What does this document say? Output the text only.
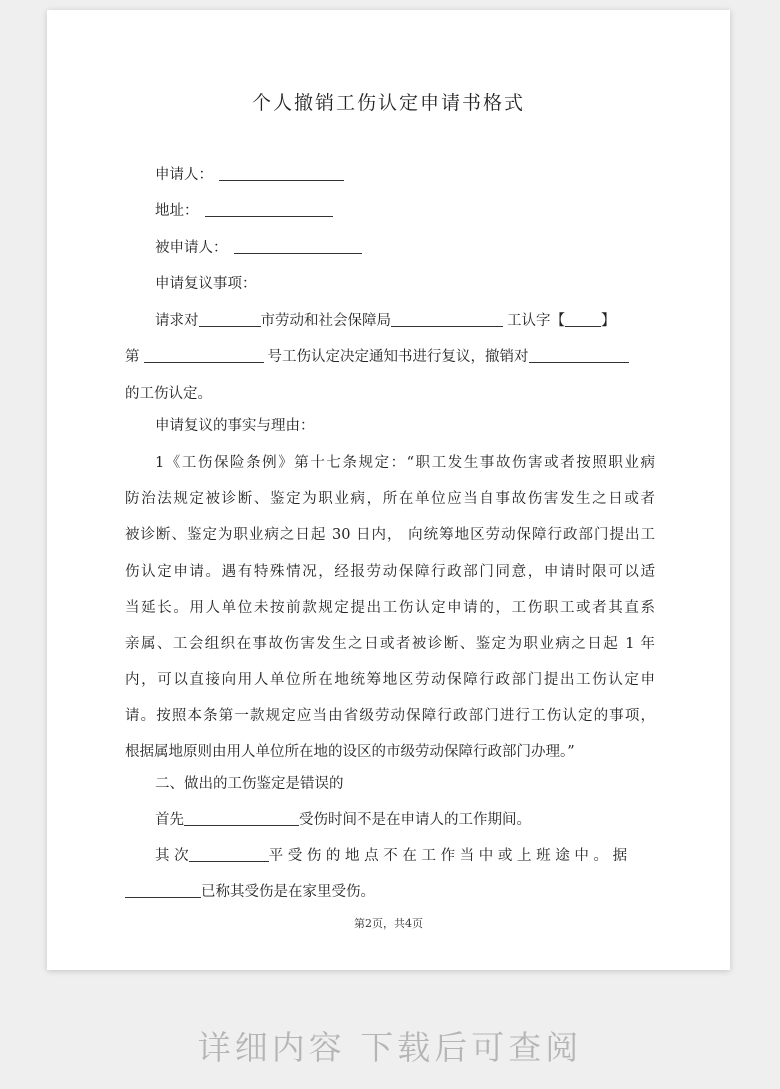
个人撤销工伤认定申请书格式
申请人：
地址：
被申请人：
申请复议事项：
请求对	市劳动和社会保障局	工认字【 】
第	号工伤认定决定通知书进行复议，撤销对
的工伤认定。
申请复议的事实与理由：
1《工伤保险条例》第十七条规定：“职工发生事故伤害或者按照职业病
防治法规定被诊断、鉴定为职业病，所在单位应当自事故伤害发生之日或者
被诊断、鉴定为职业病之日起 30 日内， 向统筹地区劳动保障行政部门提出工
伤认定申请。遇有特殊情况，经报劳动保障行政部门同意，申请时限可以适
当延长。用人单位未按前款规定提出工伤认定申请的，工伤职工或者其直系
亲属、工会组织在事故伤害发生之日或者被诊断、鉴定为职业病之日起 1 年
内，可以直接向用人单位所在地统筹地区劳动保障行政部门提出工伤认定申
请。按照本条第一款规定应当由省级劳动保障行政部门进行工伤认定的事项，
根据属地原则由用人单位所在地的设区的市级劳动保障行政部门办理。”
二、做出的工伤鉴定是错误的
首先	受伤时间不是在申请人的工作期间。
其 次	平 受 伤 的 地 点 不 在 工 作 当 中 或 上 班 途 中 。 据
已称其受伤是在家里受伤。
第2页，共4页
详细内容 下载后可查阅
